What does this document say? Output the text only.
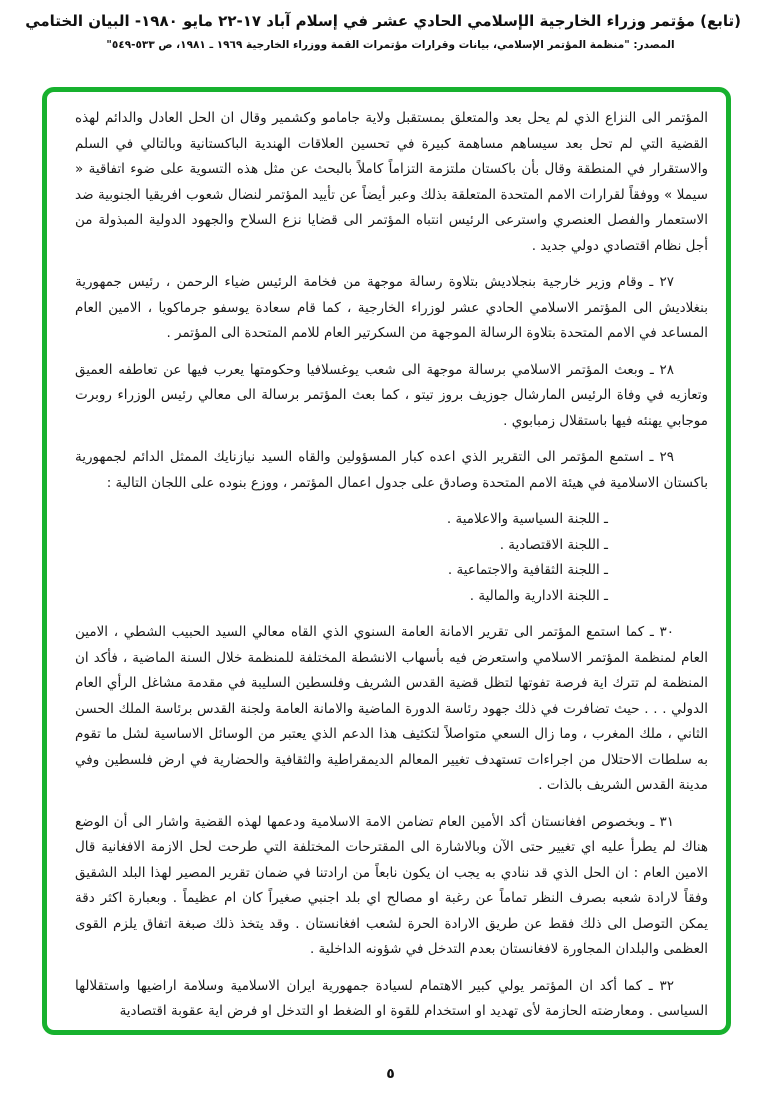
(تابع) مؤتمر وزراء الخارجية الإسلامي الحادي عشر في إسلام آباد ١٧-٢٢ مايو ١٩٨٠- البيان الختامي
المصدر: "منظمة المؤتمر الإسلامي، بيانات وقرارات مؤتمرات القمة ووزراء الخارجية ١٩٦٩ ـ ١٩٨١، ص ٥٣٣-٥٤٩"

المؤتمر الى النزاع الذي لم يحل بعد والمتعلق بمستقبل ولاية جامامو وكشمير وقال ان الحل العادل والدائم لهذه القضية التي لم تحل بعد سيساهم مساهمة كبيرة في تحسين العلاقات الهندية الباكستانية وبالتالي في السلم والاستقرار في المنطقة وقال بأن باكستان ملتزمة التزاماً كاملاً بالبحث عن مثل هذه التسوية على ضوء اتفاقية « سيملا » ووفقاً لقرارات الامم المتحدة المتعلقة بذلك وعبر أيضاً عن تأييد المؤتمر لنضال شعوب افريقيا الجنوبية ضد الاستعمار والفصل العنصري واسترعى الرئيس انتباه المؤتمر الى قضايا نزع السلاح والجهود الدولية المبذولة من أجل نظام اقتصادي دولي جديد .

٢٧ ـ وقام وزير خارجية بنجلاديش بتلاوة رسالة موجهة من فخامة الرئيس ضياء الرحمن ، رئيس جمهورية بنغلاديش الى المؤتمر الاسلامي الحادي عشر لوزراء الخارجية ، كما قام سعادة يوسفو جرماكويا ، الامين العام المساعد في الامم المتحدة بتلاوة الرسالة الموجهة من السكرتير العام للامم المتحدة الى المؤتمر .

٢٨ ـ وبعث المؤتمر الاسلامي برسالة موجهة الى شعب يوغسلافيا وحكومتها يعرب فيها عن تعاطفه العميق وتعازيه في وفاة الرئيس المارشال جوزيف بروز تيتو ، كما بعث المؤتمر برسالة الى معالي رئيس الوزراء روبرت موجابي يهنئه فيها باستقلال زمبابوي .

٢٩ ـ استمع المؤتمر الى التقرير الذي اعده كبار المسؤولين والقاه السيد نيازنايك الممثل الدائم لجمهورية باكستان الاسلامية في هيئة الامم المتحدة وصادق على جدول اعمال المؤتمر ، ووزع بنوده على اللجان التالية :

ـ اللجنة السياسية والاعلامية .
ـ اللجنة الاقتصادية .
ـ اللجنة الثقافية والاجتماعية .
ـ اللجنة الادارية والمالية .

٣٠ ـ كما استمع المؤتمر الى تقرير الامانة العامة السنوي الذي القاه معالي السيد الحبيب الشطي ، الامين العام لمنظمة المؤتمر الاسلامي واستعرض فيه بأسهاب الانشطة المختلفة للمنظمة خلال السنة الماضية ، فأكد ان المنظمة لم تترك اية فرصة تفوتها لتظل قضية القدس الشريف وفلسطين السليبة في مقدمة مشاغل الرأي العام الدولي . . . حيث تضافرت في ذلك جهود رئاسة الدورة الماضية والامانة العامة ولجنة القدس برئاسة الملك الحسن الثاني ، ملك المغرب ، وما زال السعي متواصلاً لتكثيف هذا الدعم الذي يعتبر من الوسائل الاساسية لشل ما تقوم به سلطات الاحتلال من اجراءات تستهدف تغيير المعالم الديمقراطية والثقافية والحضارية في ارض فلسطين وفي مدينة القدس الشريف بالذات .

٣١ ـ وبخصوص افغانستان أكد الأمين العام تضامن الامة الاسلامية ودعمها لهذه القضية واشار الى أن الوضع هناك لم يطرأ عليه اي تغيير حتى الآن وبالاشارة الى المقترحات المختلفة التي طرحت لحل الازمة الافغانية قال الامين العام : ان الحل الذي قد ننادي به يجب ان يكون نابعاً من ارادتنا في ضمان تقرير المصير لهذا البلد الشقيق وفقاً لارادة شعبه بصرف النظر تماماً عن رغبة او مصالح اي بلد اجنبي صغيراً كان ام عظيماً . وبعبارة اكثر دقة يمكن التوصل الى ذلك فقط عن طريق الارادة الحرة لشعب افغانستان . وقد يتخذ ذلك صبغة اتفاق يلزم القوى العظمى والبلدان المجاورة لافغانستان بعدم التدخل في شؤونه الداخلية .

٣٢ ـ كما أكد ان المؤتمر يولي كبير الاهتمام لسيادة جمهورية ايران الاسلامية وسلامة اراضيها واستقلالها السياسى . ومعارضته الحازمة لأى تهديد او استخدام للقوة او الضغط او التدخل او فرض اية عقوبة اقتصادية

٥
